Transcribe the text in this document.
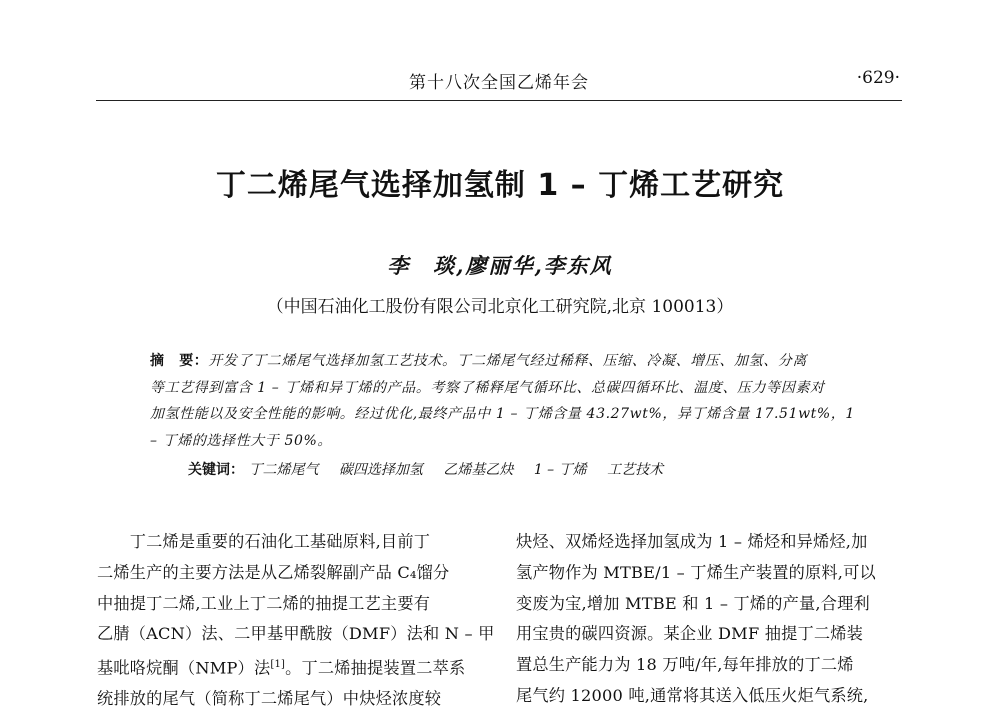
第十八次全国乙烯年会	·629·
丁二烯尾气选择加氢制 1 – 丁烯工艺研究
李　琰,廖丽华,李东风
（中国石油化工股份有限公司北京化工研究院,北京 100013）
摘　要：开发了丁二烯尾气选择加氢工艺技术。丁二烯尾气经过稀释、压缩、冷凝、增压、加氢、分离
等工艺得到富含 1 – 丁烯和异丁烯的产品。考察了稀释尾气循环比、总碳四循环比、温度、压力等因素对
加氢性能以及安全性能的影响。经过优化,最终产品中 1 – 丁烯含量 43.27wt%，异丁烯含量 17.51wt%，1
– 丁烯的选择性大于 50%。
关键词： 丁二烯尾气 碳四选择加氢 乙烯基乙炔 1 – 丁烯 工艺技术
　　丁二烯是重要的石油化工基础原料,目前丁
二烯生产的主要方法是从乙烯裂解副产品 C₄馏分
中抽提丁二烯,工业上丁二烯的抽提工艺主要有
乙腈（ACN）法、二甲基甲酰胺（DMF）法和 N – 甲
基吡咯烷酮（NMP）法[1]。丁二烯抽提装置二萃系
统排放的尾气（简称丁二烯尾气）中炔烃浓度较
炔烃、双烯烃选择加氢成为 1 – 烯烃和异烯烃,加
氢产物作为 MTBE/1 – 丁烯生产装置的原料,可以
变废为宝,增加 MTBE 和 1 – 丁烯的产量,合理利
用宝贵的碳四资源。某企业 DMF 抽提丁二烯装
置总生产能力为 18 万吨/年,每年排放的丁二烯
尾气约 12000 吨,通常将其送入低压火炬气系统,
